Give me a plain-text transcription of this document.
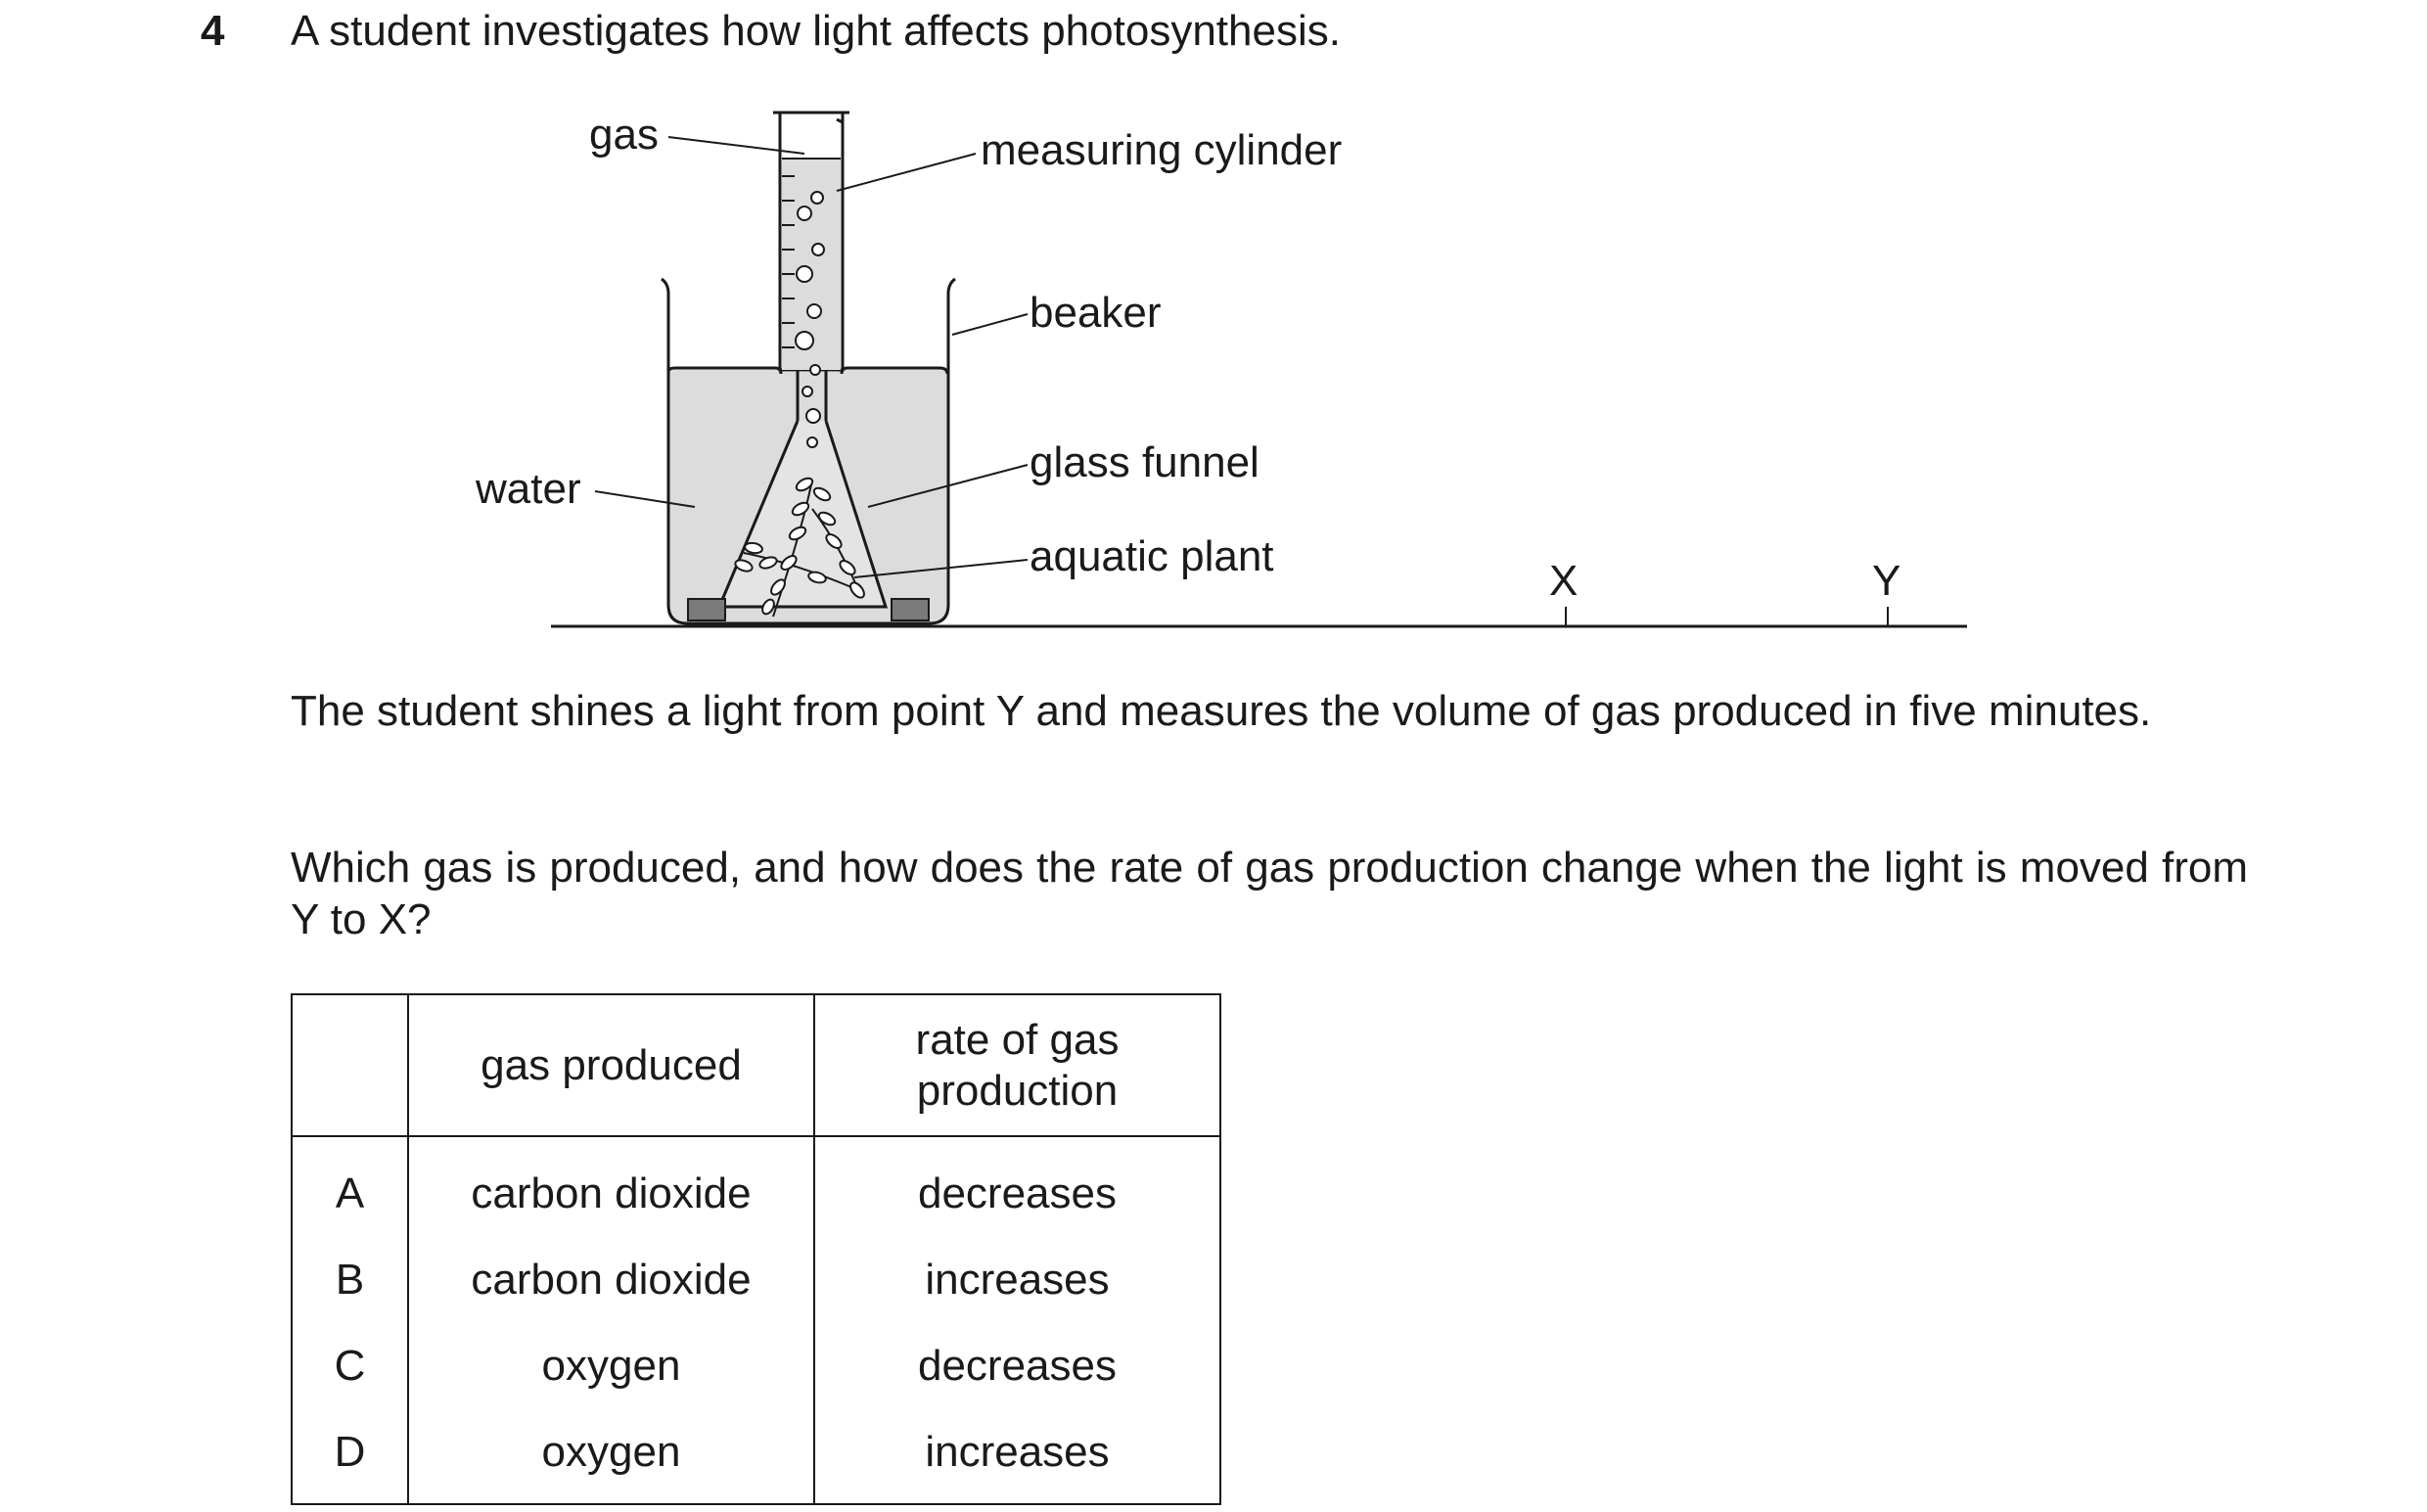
4 A student investigates how light affects photosynthesis.
gas	measuring cylinder
beaker
water
glass funnel
aquatic plant
X	Y
The student shines a light from point Y and measures the volume of gas produced in five minutes.
Which gas is produced, and how does the rate of gas production change when the light is moved from Y to X?
	gas produced	rate of gas
production
A	carbon dioxide	decreases
B	carbon dioxide	increases
C	oxygen	decreases
D	oxygen	increases
